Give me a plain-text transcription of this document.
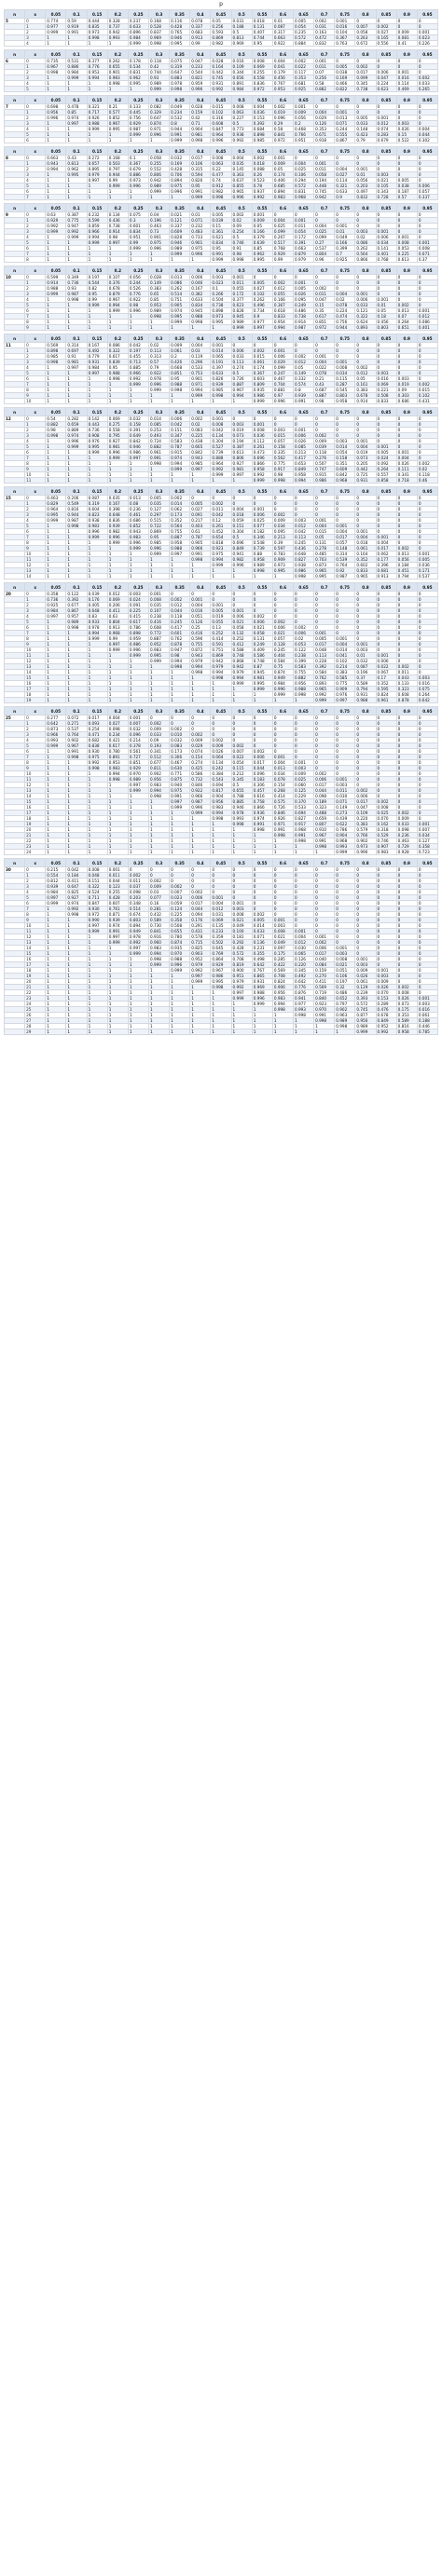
p
n	x	0.05	0.1	0.15	0.2	0.25	0.3	0.35	0.4	0.45	0.5	0.55	0.6	0.65	0.7	0.75	0.8	0.85	0.9	0.95
5	0	0.774	0.59	0.444	0.328	0.237	0.168	0.116	0.078	0.05	0.031	0.018	0.01	0.005	0.002	0.001	0	0	0	0
	1	0.977	0.919	0.835	0.737	0.633	0.528	0.428	0.337	0.256	0.188	0.131	0.087	0.054	0.031	0.016	0.007	0.002	0	0
	2	0.999	0.991	0.973	0.942	0.896	0.837	0.765	0.683	0.593	0.5	0.407	0.317	0.235	0.163	0.104	0.058	0.027	0.009	0.001
	3	1	1	0.998	0.993	0.984	0.969	0.946	0.913	0.869	0.813	0.744	0.663	0.572	0.472	0.367	0.263	0.165	0.081	0.023
	4	1	1	1	1	0.999	0.998	0.995	0.99	0.982	0.969	0.95	0.922	0.884	0.832	0.763	0.672	0.556	0.41	0.226
n	x	0.05	0.1	0.15	0.2	0.25	0.3	0.35	0.4	0.45	0.5	0.55	0.6	0.65	0.7	0.75	0.8	0.85	0.9	0.95
6	0	0.735	0.531	0.377	0.262	0.178	0.118	0.075	0.047	0.028	0.016	0.008	0.004	0.002	0.001	0	0	0	0	0
	1	0.967	0.886	0.776	0.655	0.534	0.42	0.319	0.233	0.164	0.109	0.069	0.041	0.022	0.011	0.005	0.002	0	0	0
	2	0.998	0.984	0.953	0.901	0.831	0.744	0.647	0.544	0.442	0.344	0.255	0.179	0.117	0.07	0.038	0.017	0.006	0.001	0
	3	1	0.999	0.994	0.983	0.962	0.93	0.883	0.821	0.745	0.656	0.558	0.456	0.353	0.256	0.169	0.099	0.047	0.016	0.002
	4	1	1	1	0.998	0.995	0.989	0.978	0.959	0.931	0.891	0.836	0.767	0.681	0.58	0.466	0.345	0.224	0.114	0.033
	5	1	1	1	1	1	0.999	0.998	0.996	0.992	0.984	0.972	0.953	0.925	0.882	0.822	0.738	0.623	0.469	0.265
n	x	0.05	0.1	0.15	0.2	0.25	0.3	0.35	0.4	0.45	0.5	0.55	0.6	0.65	0.7	0.75	0.8	0.85	0.9	0.95
7	0	0.698	0.478	0.321	0.21	0.133	0.082	0.049	0.028	0.015	0.008	0.004	0.002	0.001	0	0	0	0	0	0
	1	0.956	0.85	0.717	0.577	0.445	0.329	0.234	0.159	0.102	0.063	0.036	0.019	0.009	0.004	0.001	0	0	0	0
	2	0.996	0.974	0.926	0.852	0.756	0.647	0.532	0.42	0.316	0.227	0.153	0.096	0.056	0.029	0.013	0.005	0.001	0	0
	3	1	0.997	0.988	0.967	0.929	0.874	0.8	0.71	0.608	0.5	0.392	0.29	0.2	0.126	0.071	0.033	0.012	0.003	0
	4	1	1	0.999	0.995	0.987	0.971	0.944	0.904	0.847	0.773	0.684	0.58	0.468	0.353	0.244	0.148	0.074	0.026	0.004
	5	1	1	1	1	0.999	0.996	0.991	0.981	0.964	0.938	0.898	0.841	0.766	0.671	0.555	0.423	0.283	0.15	0.044
	6	1	1	1	1	1	1	0.999	0.998	0.996	0.992	0.985	0.972	0.951	0.918	0.867	0.79	0.679	0.522	0.302
n	x	0.05	0.1	0.15	0.2	0.25	0.3	0.35	0.4	0.45	0.5	0.55	0.6	0.65	0.7	0.75	0.8	0.85	0.9	0.95
8	0	0.663	0.43	0.272	0.168	0.1	0.058	0.032	0.017	0.008	0.004	0.002	0.001	0	0	0	0	0	0	0
	1	0.943	0.813	0.657	0.503	0.367	0.255	0.169	0.106	0.063	0.035	0.018	0.009	0.004	0.001	0	0	0	0	0
	2	0.994	0.962	0.895	0.797	0.679	0.552	0.428	0.315	0.22	0.145	0.088	0.05	0.025	0.011	0.004	0.001	0	0	0
	3	1	0.995	0.979	0.944	0.886	0.806	0.706	0.594	0.477	0.363	0.26	0.174	0.106	0.058	0.027	0.01	0.003	0	0
	4	1	1	0.997	0.99	0.973	0.942	0.894	0.826	0.74	0.637	0.523	0.406	0.294	0.194	0.114	0.056	0.021	0.005	0
	5	1	1	1	0.999	0.996	0.989	0.975	0.95	0.912	0.855	0.78	0.685	0.572	0.448	0.321	0.203	0.105	0.038	0.006
	6	1	1	1	1	1	0.999	0.996	0.991	0.982	0.965	0.937	0.894	0.831	0.745	0.633	0.497	0.343	0.187	0.057
	7	1	1	1	1	1	1	1	0.999	0.998	0.996	0.992	0.983	0.968	0.942	0.9	0.832	0.728	0.57	0.337
n	x	0.05	0.1	0.15	0.2	0.25	0.3	0.35	0.4	0.45	0.5	0.55	0.6	0.65	0.7	0.75	0.8	0.85	0.9	0.95
9	0	0.63	0.387	0.232	0.134	0.075	0.04	0.021	0.01	0.005	0.002	0.001	0	0	0	0	0	0	0	0
	1	0.929	0.775	0.599	0.436	0.3	0.196	0.121	0.071	0.039	0.02	0.009	0.004	0.001	0	0	0	0	0	0
	2	0.992	0.947	0.859	0.738	0.601	0.463	0.337	0.232	0.15	0.09	0.05	0.025	0.011	0.004	0.001	0	0	0	0
	3	0.999	0.992	0.966	0.914	0.834	0.73	0.609	0.483	0.361	0.254	0.166	0.099	0.054	0.025	0.01	0.003	0.001	0	0
	4	1	0.999	0.994	0.98	0.951	0.901	0.828	0.733	0.621	0.5	0.379	0.267	0.172	0.099	0.049	0.02	0.006	0.001	0
	5	1	1	0.999	0.997	0.99	0.975	0.946	0.901	0.834	0.746	0.639	0.517	0.391	0.27	0.166	0.086	0.034	0.008	0.001
	6	1	1	1	1	0.999	0.996	0.989	0.975	0.95	0.91	0.85	0.768	0.663	0.537	0.399	0.262	0.141	0.053	0.008
	7	1	1	1	1	1	1	0.999	0.996	0.991	0.98	0.962	0.929	0.879	0.804	0.7	0.564	0.401	0.225	0.071
	8	1	1	1	1	1	1	1	1	0.999	0.998	0.995	0.99	0.979	0.96	0.925	0.866	0.768	0.613	0.37
n	x	0.05	0.1	0.15	0.2	0.25	0.3	0.35	0.4	0.45	0.5	0.55	0.6	0.65	0.7	0.75	0.8	0.85	0.9	0.95
10	0	0.599	0.349	0.197	0.107	0.056	0.028	0.013	0.006	0.003	0.001	0	0	0	0	0	0	0	0	0
	1	0.914	0.736	0.544	0.376	0.244	0.149	0.086	0.046	0.023	0.011	0.005	0.002	0.001	0	0	0	0	0	0
	2	0.988	0.93	0.82	0.678	0.526	0.383	0.262	0.167	0.1	0.055	0.027	0.012	0.005	0.002	0	0	0	0	0
	3	0.999	0.987	0.95	0.879	0.776	0.65	0.514	0.382	0.266	0.172	0.102	0.055	0.026	0.011	0.004	0.001	0	0	0
	4	1	0.998	0.99	0.967	0.922	0.85	0.751	0.633	0.504	0.377	0.262	0.166	0.095	0.047	0.02	0.006	0.001	0	0
	5	1	1	0.999	0.994	0.98	0.953	0.905	0.834	0.738	0.623	0.496	0.367	0.249	0.15	0.078	0.033	0.01	0.002	0
	6	1	1	1	0.999	0.996	0.989	0.974	0.945	0.898	0.828	0.734	0.618	0.486	0.35	0.224	0.121	0.05	0.013	0.001
	7	1	1	1	1	1	0.998	0.995	0.988	0.973	0.945	0.9	0.833	0.738	0.617	0.474	0.322	0.18	0.07	0.012
	8	1	1	1	1	1	1	0.999	0.998	0.995	0.989	0.977	0.954	0.914	0.851	0.756	0.624	0.456	0.264	0.086
	9	1	1	1	1	1	1	1	1	1	0.999	0.997	0.994	0.987	0.972	0.944	0.893	0.803	0.651	0.401
n	x	0.05	0.1	0.15	0.2	0.25	0.3	0.35	0.4	0.45	0.5	0.55	0.6	0.65	0.7	0.75	0.8	0.85	0.9	0.95
11	0	0.569	0.314	0.167	0.086	0.042	0.02	0.009	0.004	0.001	0	0	0	0	0	0	0	0	0	0
	1	0.898	0.697	0.492	0.322	0.197	0.113	0.061	0.03	0.014	0.006	0.002	0.001	0	0	0	0	0	0	0
	2	0.985	0.91	0.779	0.617	0.455	0.313	0.2	0.119	0.065	0.033	0.015	0.006	0.002	0.001	0	0	0	0	0
	3	0.998	0.981	0.931	0.839	0.713	0.57	0.426	0.296	0.191	0.113	0.061	0.029	0.012	0.004	0.001	0	0	0	0
	4	1	0.997	0.984	0.95	0.885	0.79	0.668	0.533	0.397	0.274	0.174	0.099	0.05	0.022	0.008	0.002	0	0	0
	5	1	1	0.997	0.988	0.966	0.922	0.851	0.753	0.633	0.5	0.367	0.247	0.149	0.078	0.034	0.012	0.003	0	0
	6	1	1	1	0.998	0.992	0.978	0.95	0.901	0.826	0.726	0.603	0.467	0.332	0.21	0.115	0.05	0.016	0.003	0
	7	1	1	1	1	0.999	0.996	0.988	0.971	0.939	0.887	0.809	0.704	0.574	0.43	0.287	0.161	0.069	0.019	0.002
	8	1	1	1	1	1	0.999	0.998	0.994	0.985	0.967	0.935	0.881	0.8	0.687	0.545	0.383	0.221	0.09	0.015
	9	1	1	1	1	1	1	1	0.999	0.998	0.994	0.986	0.97	0.939	0.887	0.803	0.678	0.508	0.303	0.102
	10	1	1	1	1	1	1	1	1	1	1	0.999	0.996	0.991	0.98	0.958	0.914	0.833	0.686	0.431
n	x	0.05	0.1	0.15	0.2	0.25	0.3	0.35	0.4	0.45	0.5	0.55	0.6	0.65	0.7	0.75	0.8	0.85	0.9	0.95
12	0	0.54	0.282	0.142	0.069	0.032	0.014	0.006	0.002	0.001	0	0	0	0	0	0	0	0	0	0
	1	0.882	0.659	0.443	0.275	0.158	0.085	0.042	0.02	0.008	0.003	0.001	0	0	0	0	0	0	0	0
	2	0.98	0.889	0.736	0.558	0.391	0.253	0.151	0.083	0.042	0.019	0.008	0.003	0.001	0	0	0	0	0	0
	3	0.998	0.974	0.908	0.795	0.649	0.493	0.347	0.225	0.134	0.073	0.036	0.015	0.006	0.002	0	0	0	0	0
	4	1	0.996	0.976	0.927	0.842	0.724	0.583	0.438	0.304	0.194	0.112	0.057	0.026	0.009	0.003	0.001	0	0	0
	5	1	0.999	0.995	0.981	0.946	0.882	0.787	0.665	0.527	0.387	0.261	0.158	0.085	0.039	0.014	0.004	0.001	0	0
	6	1	1	0.999	0.996	0.986	0.961	0.915	0.842	0.739	0.613	0.473	0.335	0.213	0.118	0.054	0.019	0.005	0.001	0
	7	1	1	1	0.999	0.997	0.991	0.974	0.943	0.888	0.806	0.696	0.562	0.417	0.276	0.158	0.073	0.024	0.004	0
	8	1	1	1	1	1	0.998	0.994	0.985	0.964	0.927	0.866	0.775	0.653	0.507	0.351	0.205	0.092	0.026	0.002
	9	1	1	1	1	1	1	0.999	0.997	0.992	0.981	0.958	0.917	0.849	0.747	0.609	0.442	0.264	0.111	0.02
	10	1	1	1	1	1	1	1	1	0.999	0.997	0.992	0.98	0.958	0.915	0.842	0.725	0.557	0.341	0.118
	11	1	1	1	1	1	1	1	1	1	1	0.999	0.998	0.994	0.986	0.968	0.931	0.858	0.718	0.46
n	x	0.05	0.1	0.15	0.2	0.25	0.3	0.35	0.4	0.45	0.5	0.55	0.6	0.65	0.7	0.75	0.8	0.85	0.9	0.95
15	0	0.463	0.206	0.087	0.035	0.013	0.005	0.002	0	0	0	0	0	0	0	0	0	0	0	0
	1	0.829	0.549	0.319	0.167	0.08	0.035	0.014	0.005	0.002	0	0	0	0	0	0	0	0	0	0
	2	0.964	0.816	0.604	0.398	0.236	0.127	0.062	0.027	0.011	0.004	0.001	0	0	0	0	0	0	0	0
	3	0.995	0.944	0.823	0.648	0.461	0.297	0.173	0.091	0.042	0.018	0.006	0.002	0	0	0	0	0	0	0
	4	0.999	0.987	0.938	0.836	0.686	0.515	0.352	0.217	0.12	0.059	0.025	0.009	0.003	0.001	0	0	0	0	0
	5	1	0.998	0.983	0.939	0.852	0.722	0.564	0.403	0.261	0.151	0.077	0.034	0.012	0.004	0.001	0	0	0	0
	6	1	1	0.996	0.982	0.943	0.869	0.755	0.61	0.452	0.304	0.182	0.095	0.042	0.015	0.004	0.001	0	0	0
	7	1	1	0.999	0.996	0.983	0.95	0.887	0.787	0.654	0.5	0.346	0.213	0.113	0.05	0.017	0.004	0.001	0	0
	8	1	1	1	0.999	0.996	0.985	0.958	0.905	0.818	0.696	0.548	0.39	0.245	0.131	0.057	0.018	0.004	0	0
	9	1	1	1	1	0.999	0.996	0.988	0.966	0.923	0.849	0.739	0.597	0.436	0.278	0.148	0.061	0.017	0.002	0
	10	1	1	1	1	1	0.999	0.997	0.991	0.975	0.941	0.88	0.783	0.648	0.485	0.314	0.164	0.062	0.013	0.001
	11	1	1	1	1	1	1	1	0.998	0.994	0.982	0.958	0.909	0.827	0.703	0.539	0.352	0.177	0.056	0.005
	12	1	1	1	1	1	1	1	1	0.999	0.996	0.989	0.973	0.938	0.873	0.764	0.602	0.396	0.184	0.036
	13	1	1	1	1	1	1	1	1	1	1	0.998	0.995	0.986	0.965	0.92	0.833	0.681	0.451	0.171
	14	1	1	1	1	1	1	1	1	1	1	1	1	0.998	0.995	0.987	0.965	0.913	0.794	0.537
n	x	0.05	0.1	0.15	0.2	0.25	0.3	0.35	0.4	0.45	0.5	0.55	0.6	0.65	0.7	0.75	0.8	0.85	0.9	0.95
20	0	0.358	0.122	0.039	0.012	0.003	0.001	0	0	0	0	0	0	0	0	0	0	0	0	0
	1	0.736	0.392	0.176	0.069	0.024	0.008	0.002	0.001	0	0	0	0	0	0	0	0	0	0	0
	2	0.925	0.677	0.405	0.206	0.091	0.035	0.012	0.004	0.001	0	0	0	0	0	0	0	0	0	0
	3	0.984	0.867	0.648	0.411	0.225	0.107	0.044	0.016	0.005	0.001	0	0	0	0	0	0	0	0	0
	4	0.997	0.957	0.83	0.63	0.415	0.238	0.118	0.051	0.019	0.006	0.002	0	0	0	0	0	0	0	0
	5	1	0.989	0.933	0.804	0.617	0.416	0.245	0.126	0.055	0.021	0.006	0.002	0	0	0	0	0	0	0
	6	1	0.998	0.978	0.913	0.786	0.608	0.417	0.25	0.13	0.058	0.021	0.006	0.002	0	0	0	0	0	0
	7	1	1	0.994	0.968	0.898	0.772	0.601	0.416	0.252	0.132	0.058	0.021	0.006	0.001	0	0	0	0	0
	8	1	1	0.999	0.99	0.959	0.887	0.762	0.596	0.414	0.252	0.131	0.057	0.02	0.005	0.001	0	0	0	0
	9	1	1	1	0.997	0.986	0.952	0.878	0.755	0.591	0.412	0.249	0.128	0.053	0.017	0.004	0.001	0	0	0
	10	1	1	1	0.999	0.996	0.983	0.947	0.872	0.751	0.588	0.409	0.245	0.122	0.048	0.014	0.003	0	0	0
	11	1	1	1	1	0.999	0.995	0.98	0.943	0.869	0.748	0.586	0.404	0.238	0.113	0.041	0.01	0.001	0	0
	12	1	1	1	1	1	0.999	0.994	0.979	0.942	0.868	0.748	0.584	0.399	0.228	0.102	0.032	0.006	0	0
	13	1	1	1	1	1	1	0.998	0.994	0.979	0.942	0.87	0.75	0.583	0.392	0.214	0.087	0.022	0.002	0
	14	1	1	1	1	1	1	1	0.998	0.994	0.979	0.945	0.874	0.755	0.584	0.383	0.196	0.067	0.011	0
	15	1	1	1	1	1	1	1	1	0.998	0.994	0.981	0.949	0.882	0.762	0.585	0.37	0.17	0.043	0.003
	16	1	1	1	1	1	1	1	1	1	0.999	0.995	0.984	0.956	0.893	0.775	0.589	0.352	0.133	0.016
	17	1	1	1	1	1	1	1	1	1	1	0.999	0.996	0.988	0.965	0.909	0.794	0.595	0.323	0.075
	18	1	1	1	1	1	1	1	1	1	1	1	0.999	0.998	0.992	0.976	0.931	0.824	0.608	0.264
	19	1	1	1	1	1	1	1	1	1	1	1	1	1	0.999	0.997	0.988	0.961	0.878	0.642
n	x	0.05	0.1	0.15	0.2	0.25	0.3	0.35	0.4	0.45	0.5	0.55	0.6	0.65	0.7	0.75	0.8	0.85	0.9	0.95
25	0	0.277	0.072	0.017	0.004	0.001	0	0	0	0	0	0	0	0	0	0	0	0	0	0
	1	0.642	0.271	0.093	0.027	0.007	0.002	0	0	0	0	0	0	0	0	0	0	0	0	0
	2	0.873	0.537	0.254	0.098	0.032	0.009	0.002	0	0	0	0	0	0	0	0	0	0	0	0
	3	0.966	0.764	0.471	0.234	0.096	0.033	0.010	0.002	0	0	0	0	0	0	0	0	0	0	0
	4	0.993	0.902	0.682	0.421	0.214	0.09	0.032	0.009	0.002	0	0	0	0	0	0	0	0	0	0
	5	0.999	0.967	0.838	0.617	0.378	0.193	0.083	0.029	0.009	0.002	0	0	0	0	0	0	0	0	0
	6	1	0.991	0.930	0.780	0.561	0.341	0.173	0.074	0.026	0.007	0.002	0	0	0	0	0	0	0	0
	7	1	0.998	0.975	0.891	0.727	0.512	0.306	0.154	0.064	0.022	0.006	0.001	0	0	0	0	0	0	0
	8	1	1	0.992	0.953	0.851	0.677	0.467	0.274	0.134	0.054	0.017	0.004	0.001	0	0	0	0	0	0
	9	1	1	0.998	0.983	0.929	0.811	0.630	0.425	0.242	0.115	0.044	0.013	0.003	0	0	0	0	0	0
	10	1	1	1	0.994	0.970	0.902	0.771	0.586	0.384	0.212	0.096	0.034	0.009	0.002	0	0	0	0	0
	11	1	1	1	0.998	0.989	0.956	0.875	0.732	0.543	0.345	0.183	0.078	0.025	0.006	0.001	0	0	0	0
	12	1	1	1	1	0.997	0.983	0.940	0.846	0.694	0.5	0.306	0.154	0.060	0.017	0.003	0	0	0	0
	13	1	1	1	1	0.999	0.994	0.975	0.922	0.817	0.655	0.457	0.268	0.125	0.044	0.011	0.002	0	0	0
	14	1	1	1	1	1	0.998	0.991	0.966	0.904	0.788	0.616	0.414	0.229	0.098	0.030	0.006	0	0	0
	15	1	1	1	1	1	1	0.997	0.987	0.956	0.885	0.758	0.575	0.370	0.189	0.071	0.017	0.002	0	0
	16	1	1	1	1	1	1	0.999	0.996	0.983	0.946	0.866	0.726	0.533	0.323	0.149	0.047	0.008	0	0
	17	1	1	1	1	1	1	1	0.999	0.994	0.978	0.936	0.846	0.694	0.488	0.273	0.109	0.025	0.002	0
	18	1	1	1	1	1	1	1	1	0.998	0.993	0.974	0.926	0.827	0.659	0.439	0.220	0.070	0.009	0
	19	1	1	1	1	1	1	1	1	1	0.998	0.991	0.971	0.917	0.807	0.622	0.383	0.162	0.033	0.001
	20	1	1	1	1	1	1	1	1	1	1	0.998	0.991	0.968	0.910	0.786	0.579	0.318	0.098	0.007
	21	1	1	1	1	1	1	1	1	1	1	1	0.998	0.991	0.967	0.904	0.766	0.529	0.236	0.034
	22	1	1	1	1	1	1	1	1	1	1	1	1	0.998	0.991	0.968	0.902	0.746	0.463	0.127
	23	1	1	1	1	1	1	1	1	1	1	1	1	1	0.998	0.993	0.973	0.907	0.729	0.358
	24	1	1	1	1	1	1	1	1	1	1	1	1	1	1	0.999	0.996	0.983	0.928	0.723
n	x	0.05	0.1	0.15	0.2	0.25	0.3	0.35	0.4	0.45	0.5	0.55	0.6	0.65	0.7	0.75	0.8	0.85	0.9	0.95
30	0	0.215	0.042	0.008	0.001	0	0	0	0	0	0	0	0	0	0	0	0	0	0	0
	1	0.554	0.184	0.048	0.011	0.002	0	0	0	0	0	0	0	0	0	0	0	0	0	0
	2	0.812	0.411	0.151	0.044	0.011	0.002	0	0	0	0	0	0	0	0	0	0	0	0	0
	3	0.939	0.647	0.322	0.123	0.037	0.009	0.002	0	0	0	0	0	0	0	0	0	0	0	0
	4	0.984	0.825	0.524	0.255	0.098	0.03	0.007	0.002	0	0	0	0	0	0	0	0	0	0	0
	5	0.997	0.927	0.711	0.428	0.203	0.077	0.023	0.006	0.001	0	0	0	0	0	0	0	0	0	0
	6	0.999	0.974	0.847	0.607	0.348	0.16	0.059	0.017	0.004	0.001	0	0	0	0	0	0	0	0	0
	7	1	0.992	0.930	0.761	0.514	0.281	0.124	0.044	0.012	0.003	0	0	0	0	0	0	0	0	0
	8	1	0.998	0.972	0.871	0.674	0.432	0.225	0.094	0.031	0.008	0.002	0	0	0	0	0	0	0	0
	9	1	1	0.990	0.939	0.803	0.589	0.358	0.176	0.069	0.021	0.005	0.001	0	0	0	0	0	0	0
	10	1	1	0.997	0.974	0.894	0.730	0.508	0.291	0.135	0.049	0.014	0.003	0	0	0	0	0	0	0
	11	1	1	0.999	0.991	0.949	0.841	0.655	0.431	0.233	0.100	0.033	0.008	0.001	0	0	0	0	0	0
	12	1	1	1	0.997	0.978	0.916	0.780	0.578	0.359	0.181	0.071	0.021	0.004	0.001	0	0	0	0	0
	13	1	1	1	0.999	0.992	0.960	0.874	0.715	0.502	0.292	0.136	0.049	0.012	0.002	0	0	0	0	0
	14	1	1	1	1	0.997	0.983	0.935	0.825	0.645	0.428	0.231	0.097	0.030	0.006	0.001	0	0	0	0
	15	1	1	1	1	0.999	0.994	0.970	0.903	0.769	0.572	0.355	0.175	0.065	0.017	0.003	0	0	0	0
	16	1	1	1	1	1	0.998	0.988	0.952	0.864	0.708	0.498	0.285	0.126	0.040	0.008	0.001	0	0	0
	17	1	1	1	1	1	0.999	0.996	0.979	0.929	0.819	0.642	0.422	0.220	0.084	0.021	0.003	0	0	0
	18	1	1	1	1	1	1	0.999	0.992	0.967	0.900	0.767	0.569	0.345	0.159	0.051	0.009	0.001	0	0
	19	1	1	1	1	1	1	1	0.997	0.986	0.951	0.865	0.708	0.492	0.270	0.106	0.026	0.003	0	0
	20	1	1	1	1	1	1	1	0.999	0.995	0.979	0.931	0.824	0.642	0.411	0.197	0.061	0.009	0	0
	21	1	1	1	1	1	1	1	1	0.998	0.992	0.969	0.906	0.776	0.569	0.32	0.129	0.026	0.002	0
	22	1	1	1	1	1	1	1	1	1	0.997	0.988	0.956	0.876	0.719	0.486	0.239	0.070	0.008	0
	23	1	1	1	1	1	1	1	1	1	0.999	0.996	0.983	0.941	0.840	0.652	0.393	0.153	0.026	0.001
	24	1	1	1	1	1	1	1	1	1	1	0.999	0.994	0.977	0.923	0.797	0.572	0.289	0.073	0.003
	25	1	1	1	1	1	1	1	1	1	1	1	0.998	0.993	0.970	0.902	0.745	0.476	0.175	0.016
	26	1	1	1	1	1	1	1	1	1	1	1	1	0.998	0.991	0.963	0.877	0.678	0.353	0.061
	27	1	1	1	1	1	1	1	1	1	1	1	1	1	0.998	0.989	0.956	0.849	0.589	0.188
	28	1	1	1	1	1	1	1	1	1	1	1	1	1	1	0.998	0.989	0.952	0.816	0.446
	29	1	1	1	1	1	1	1	1	1	1	1	1	1	1	1	0.999	0.992	0.958	0.785
